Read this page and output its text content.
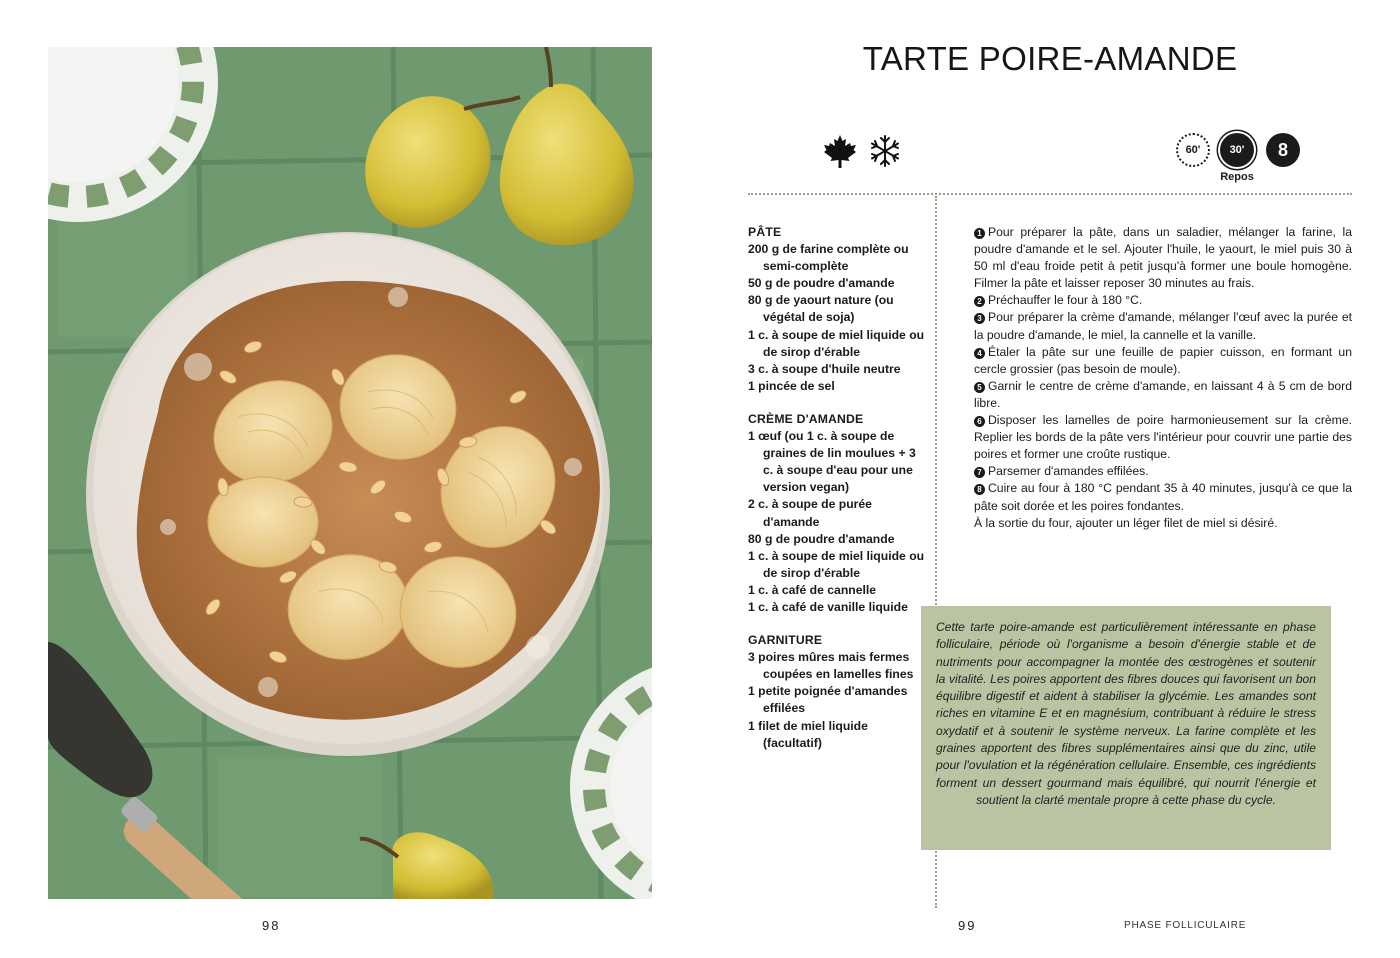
98
TARTE POIRE-AMANDE
60'	30'	8
Repos

PÂTE

200 g de farine complète ou semi-complète
50 g de poudre d'amande
80 g de yaourt nature (ou végétal de soja)
1 c. à soupe de miel liquide ou de sirop d'érable
3 c. à soupe d'huile neutre
1 pincée de sel

CRÈME D'AMANDE

1 œuf (ou 1 c. à soupe de graines de lin moulues + 3 c. à soupe d'eau pour une version vegan)
2 c. à soupe de purée d'amande
80 g de poudre d'amande
1 c. à soupe de miel liquide ou de sirop d'érable
1 c. à café de cannelle
1 c. à café de vanille liquide

GARNITURE

3 poires mûres mais fermes coupées en lamelles fines
1 petite poignée d'amandes effilées
1 filet de miel liquide (facultatif)

1 Pour préparer la pâte, dans un saladier, mélanger la farine, la poudre d'amande et le sel. Ajouter l'huile, le yaourt, le miel puis 30 à 50 ml d'eau froide petit à petit jusqu'à former une boule homogène. Filmer la pâte et laisser reposer 30 minutes au frais.

2 Préchauffer le four à 180 °C.

3 Pour préparer la crème d'amande, mélanger l'œuf avec la purée et la poudre d'amande, le miel, la cannelle et la vanille.

4 Étaler la pâte sur une feuille de papier cuisson, en formant un cercle grossier (pas besoin de moule).

5 Garnir le centre de crème d'amande, en laissant 4 à 5 cm de bord libre.

6 Disposer les lamelles de poire harmonieusement sur la crème. Replier les bords de la pâte vers l'intérieur pour couvrir une partie des poires et former une croûte rustique.

7 Parsemer d'amandes effilées.

8 Cuire au four à 180 °C pendant 35 à 40 minutes, jusqu'à ce que la pâte soit dorée et les poires fondantes.

À la sortie du four, ajouter un léger filet de miel si désiré.

Cette tarte poire-amande est particulièrement intéressante en phase folliculaire, période où l'organisme a besoin d'énergie stable et de nutriments pour accompagner la montée des œstrogènes et soutenir la vitalité. Les poires apportent des fibres douces qui favorisent un bon équilibre digestif et aident à stabiliser la glycémie. Les amandes sont riches en vitamine E et en magnésium, contribuant à réduire le stress oxydatif et à soutenir le système nerveux. La farine complète et les graines apportent des fibres supplémentaires ainsi que du zinc, utile pour l'ovulation et la régénération cellulaire. Ensemble, ces ingrédients forment un dessert gourmand mais équilibré, qui nourrit l'énergie et soutient la clarté mentale propre à cette phase du cycle.
99	PHASE FOLLICULAIRE
